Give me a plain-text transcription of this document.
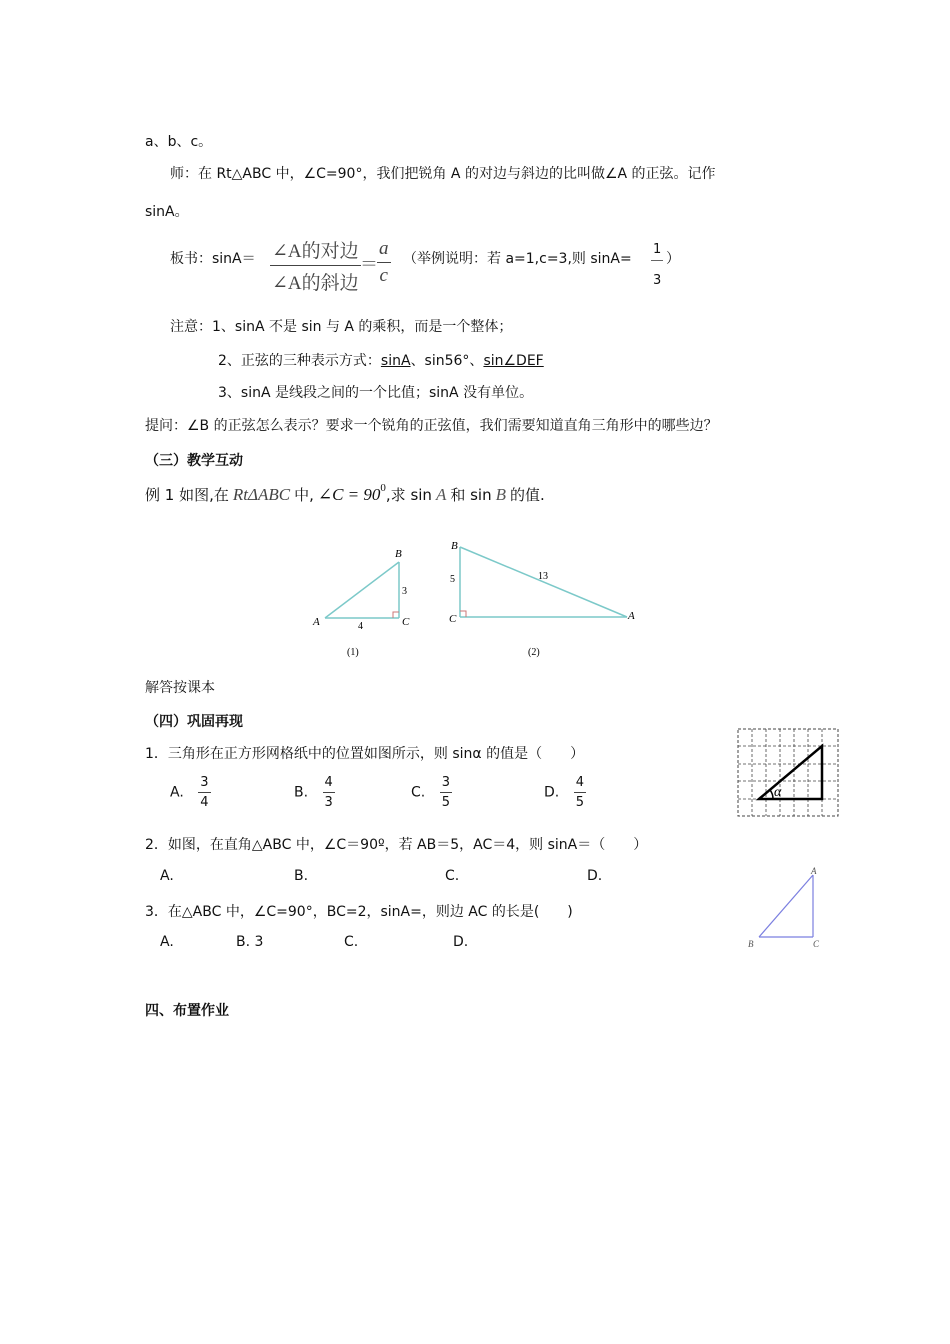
a、b、c。
师：在 Rt△ABC 中，∠C=90°，我们把锐角 A 的对边与斜边的比叫做∠A 的正弦。记作
sinA。
板书：sinA＝ ∠A的对边
∠A的斜边
＝ $\frac{a}{c}$ （举例说明：若 a=1,c=3,则 $\sin A= \frac{1}{3}$ ）
注意：1、sinA 不是 sin 与 A 的乘积，而是一个整体；
2、正弦的三种表示方式：sinA、sin56°、sin∠DEF
3、sinA 是线段之间的一个比值；sinA 没有单位。
提问：∠B 的正弦怎么表示？要求一个锐角的正弦值，我们需要知道直角三角形中的哪些边？
（三）教学互动
例 1 如图,在 RtΔABC 中, ∠C = 90 0 ,求 sin A 和 sin B 的值.
A
B
C
3
4
(1)
B
C	A
5	13
(2)
解答按课本
（四）巩固再现
1．三角形在正方形网格纸中的位置如图所示，则 sinα 的值是（　　）
A. $\frac{3}{4}$	B. $\frac{4}{3}$	C. $\frac{3}{5}$	D. $\frac{4}{5}$	α
2．如图，在直角△ABC 中，∠C＝90º，若 AB＝5，AC＝4，则 sinA＝（　　）
A.	B.	C.	D.	A
B	C
3．在△ABC 中，∠C=90°，BC=2，sinA=，则边 AC 的长是(　　)
A.	B. 3	C.	D.
四、布置作业
